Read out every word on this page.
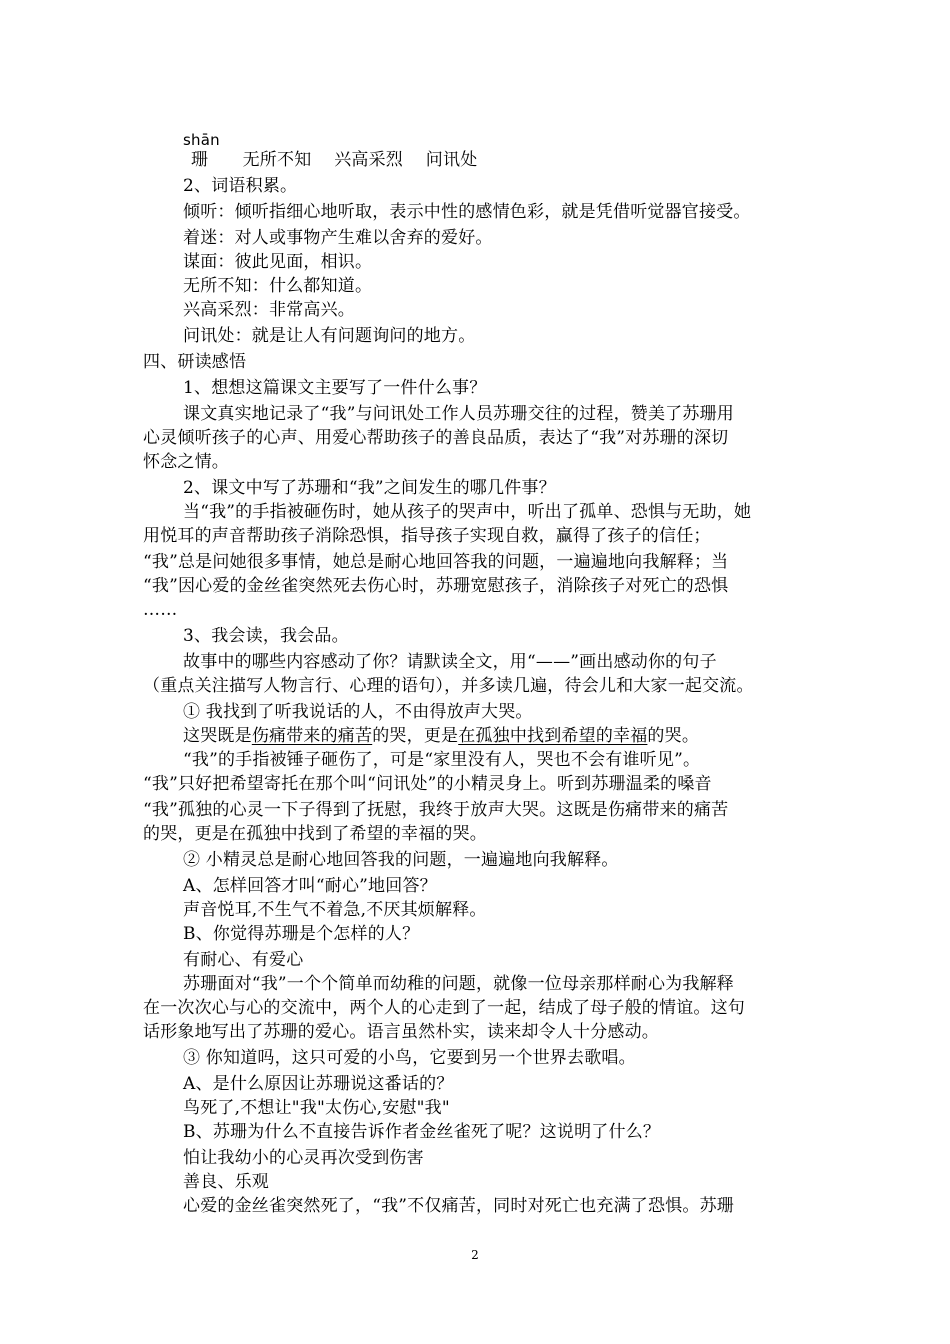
shān
珊　　无所不知　 兴高采烈　 问讯处
2、词语积累。
倾听：倾听指细心地听取，表示中性的感情色彩，就是凭借听觉器官接受。
着迷：对人或事物产生难以舍弃的爱好。
谋面：彼此见面，相识。
无所不知：什么都知道。
兴高采烈：非常高兴。
问讯处：就是让人有问题询问的地方。
四、研读感悟
1、想想这篇课文主要写了一件什么事？
课文真实地记录了“我”与问讯处工作人员苏珊交往的过程，赞美了苏珊用
心灵倾听孩子的心声、用爱心帮助孩子的善良品质，表达了“我”对苏珊的深切
怀念之情。
2、课文中写了苏珊和“我”之间发生的哪几件事？
当“我”的手指被砸伤时，她从孩子的哭声中，听出了孤单、恐惧与无助，她
用悦耳的声音帮助孩子消除恐惧，指导孩子实现自救，赢得了孩子的信任；
“我”总是问她很多事情，她总是耐心地回答我的问题，一遍遍地向我解释；当
“我”因心爱的金丝雀突然死去伤心时，苏珊宽慰孩子，消除孩子对死亡的恐惧
……
3、我会读，我会品。
故事中的哪些内容感动了你？请默读全文，用“——”画出感动你的句子
（重点关注描写人物言行、心理的语句），并多读几遍，待会儿和大家一起交流。
① 我找到了听我说话的人，不由得放声大哭。
这哭既是伤痛带来的痛苦的哭，更是在孤独中找到希望的幸福的哭。
“我”的手指被锤子砸伤了，可是“家里没有人，哭也不会有谁听见”。
“我”只好把希望寄托在那个叫“问讯处”的小精灵身上。听到苏珊温柔的嗓音
“我”孤独的心灵一下子得到了抚慰，我终于放声大哭。这既是伤痛带来的痛苦
的哭，更是在孤独中找到了希望的幸福的哭。
② 小精灵总是耐心地回答我的问题，一遍遍地向我解释。
A、怎样回答才叫“耐心”地回答？
声音悦耳,不生气不着急,不厌其烦解释。
B、你觉得苏珊是个怎样的人？
有耐心、有爱心
苏珊面对“我”一个个简单而幼稚的问题，就像一位母亲那样耐心为我解释
在一次次心与心的交流中，两个人的心走到了一起，结成了母子般的情谊。这句
话形象地写出了苏珊的爱心。语言虽然朴实，读来却令人十分感动。
③ 你知道吗，这只可爱的小鸟，它要到另一个世界去歌唱。
A、是什么原因让苏珊说这番话的？
鸟死了,不想让"我"太伤心,安慰"我"
B、苏珊为什么不直接告诉作者金丝雀死了呢？这说明了什么？
怕让我幼小的心灵再次受到伤害
善良、乐观
心爱的金丝雀突然死了，“我”不仅痛苦，同时对死亡也充满了恐惧。苏珊
2
